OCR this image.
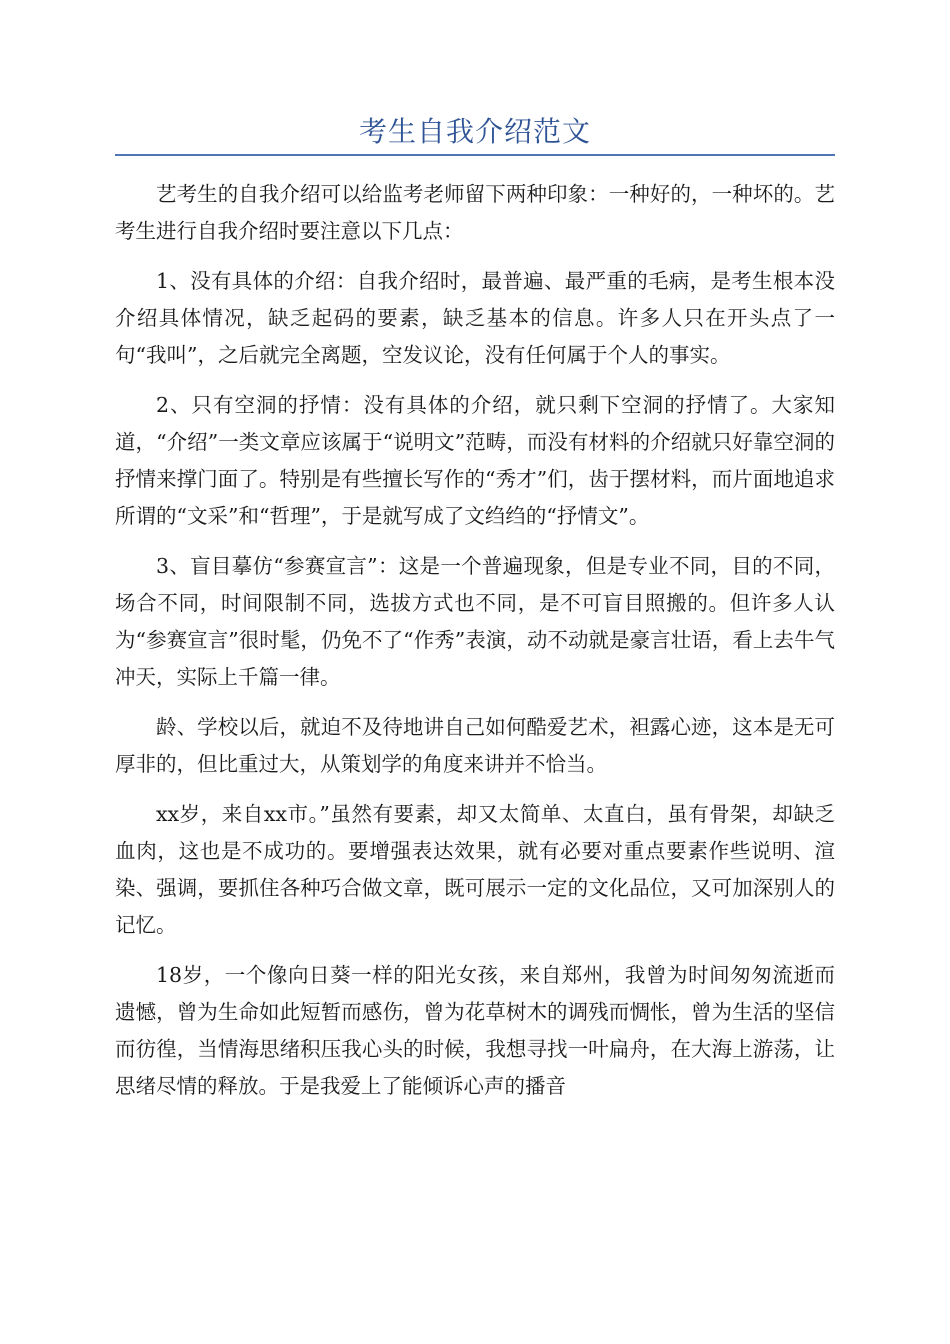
考生自我介绍范文

艺考生的自我介绍可以给监考老师留下两种印象：一种好的，一种坏的。艺考生进行自我介绍时要注意以下几点：

1、没有具体的介绍：自我介绍时，最普遍、最严重的毛病，是考生根本没介绍具体情况，缺乏起码的要素，缺乏基本的信息。许多人只在开头点了一句“我叫”，之后就完全离题，空发议论，没有任何属于个人的事实。

2、只有空洞的抒情：没有具体的介绍，就只剩下空洞的抒情了。大家知道，“介绍”一类文章应该属于“说明文”范畴，而没有材料的介绍就只好靠空洞的抒情来撑门面了。特别是有些擅长写作的“秀才”们，齿于摆材料，而片面地追求所谓的“文采”和“哲理”，于是就写成了文绉绉的“抒情文”。

3、盲目摹仿“参赛宣言”：这是一个普遍现象，但是专业不同，目的不同，场合不同，时间限制不同，选拔方式也不同，是不可盲目照搬的。但许多人认为“参赛宣言”很时髦，仍免不了“作秀”表演，动不动就是豪言壮语，看上去牛气冲天，实际上千篇一律。

龄、学校以后，就迫不及待地讲自己如何酷爱艺术，袒露心迹，这本是无可厚非的，但比重过大，从策划学的角度来讲并不恰当。

xx岁，来自xx市。”虽然有要素，却又太简单、太直白，虽有骨架，却缺乏血肉，这也是不成功的。要增强表达效果，就有必要对重点要素作些说明、渲染、强调，要抓住各种巧合做文章，既可展示一定的文化品位，又可加深别人的记忆。

18岁，一个像向日葵一样的阳光女孩，来自郑州，我曾为时间匆匆流逝而遗憾，曾为生命如此短暂而感伤，曾为花草树木的调残而惆怅，曾为生活的坚信而彷徨，当情海思绪积压我心头的时候，我想寻找一叶扁舟，在大海上游荡，让思绪尽情的释放。于是我爱上了能倾诉心声的播音
